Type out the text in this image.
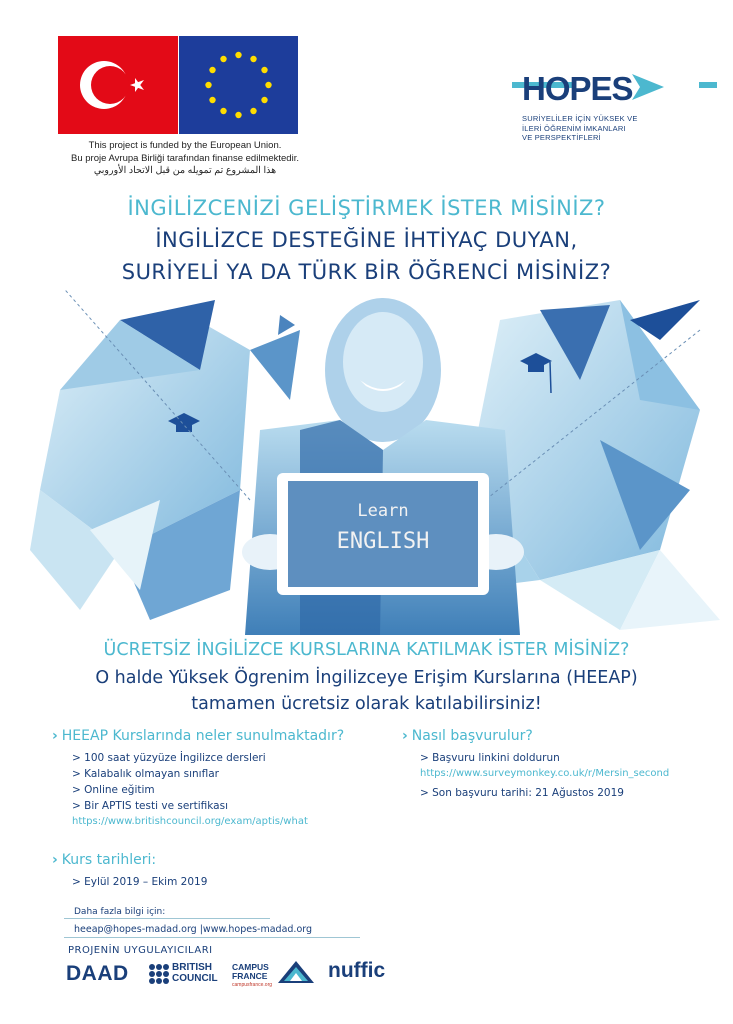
This project is funded by the European Union.
Bu proje Avrupa Birliği tarafından finanse edilmektedir.
هذا المشروع تم تمويله من قبل الاتحاد الأوروبي
HOPES
SURİYELİLER İÇİN YÜKSEK VE
İLERİ ÖĞRENİM İMKANLARI
VE PERSPEKTİFLERİ
İNGİLİZCENİZİ GELİŞTİRMEK İSTER MİSİNİZ?
İNGİLİZCE DESTEĞİNE İHTİYAÇ DUYAN,
SURİYELİ YA DA TÜRK BİR ÖĞRENCİ MİSİNİZ?
Learn
ENGLISH
ÜCRETSİZ İNGİLİZCE KURSLARINA KATILMAK İSTER MİSİNİZ?
O halde Yüksek Ögrenim İngilizceye Erişim Kurslarına (HEEAP)
tamamen ücretsiz olarak katılabilirsiniz!
› HEEAP Kurslarında neler sunulmaktadır?
> 100 saat yüzyüze İngilizce dersleri
> Kalabalık olmayan sınıflar
> Online eğitim
> Bir APTIS testi ve sertifikası
https://www.britishcouncil.org/exam/aptis/what
› Nasıl başvurulur?
> Başvuru linkini doldurun
https://www.surveymonkey.co.uk/r/Mersin_second
> Son başvuru tarihi: 21 Ağustos 2019
› Kurs tarihleri:
> Eylül 2019 – Ekim 2019
Daha fazla bilgi için:
heeap@hopes-madad.org |www.hopes-madad.org
PROJENİN UYGULAYICILARI
DAAD	BRITISH
COUNCIL
CAMPUS
FRANCE
campusfrance.org
nuffic
